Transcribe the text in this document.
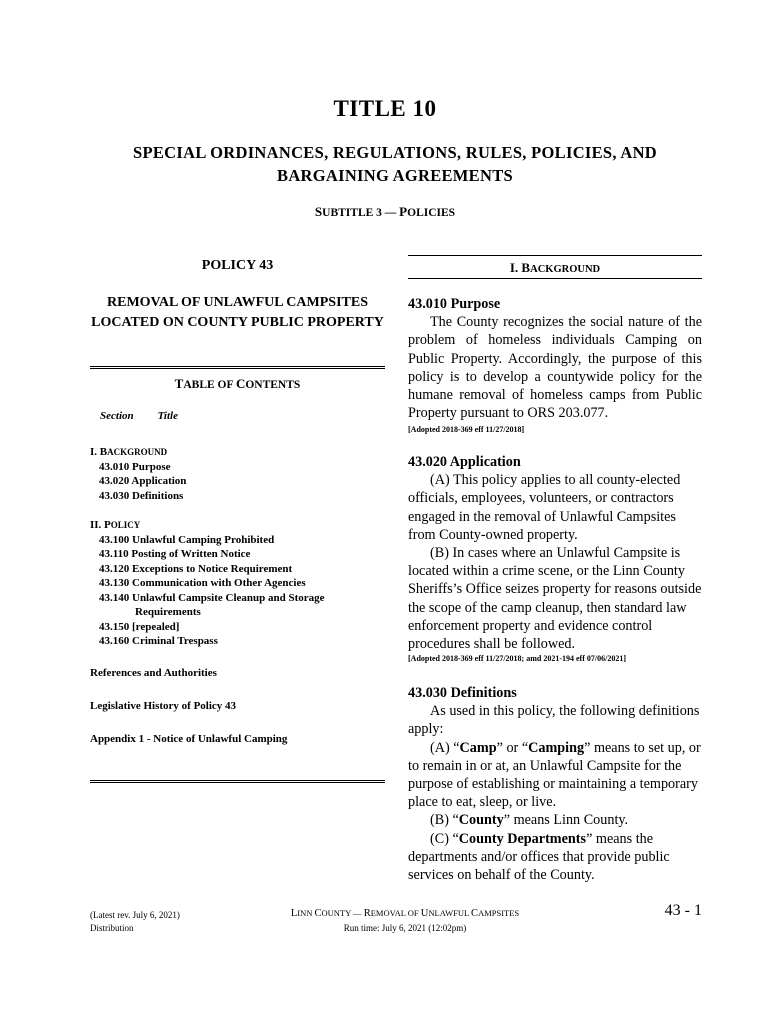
TITLE 10
SPECIAL ORDINANCES, REGULATIONS, RULES, POLICIES, AND BARGAINING AGREEMENTS
SUBTITLE 3 — POLICIES
POLICY 43
REMOVAL OF UNLAWFUL CAMPSITES LOCATED ON COUNTY PUBLIC PROPERTY
TABLE OF CONTENTS
Section Title
I. BACKGROUND
43.010 Purpose
43.020 Application
43.030 Definitions
II. POLICY
43.100 Unlawful Camping Prohibited
43.110 Posting of Written Notice
43.120 Exceptions to Notice Requirement
43.130 Communication with Other Agencies
43.140 Unlawful Campsite Cleanup and Storage
Requirements
43.150 [repealed]
43.160 Criminal Trespass
References and Authorities
Legislative History of Policy 43
Appendix 1 - Notice of Unlawful Camping
I. BACKGROUND
43.010 Purpose
The County recognizes the social nature of the problem of homeless individuals Camping on Public Property. Accordingly, the purpose of this policy is to develop a countywide policy for the humane removal of homeless camps from Public Property pursuant to ORS 203.077.
[Adopted 2018-369 eff 11/27/2018]
43.020 Application
(A) This policy applies to all county-elected officials, employees, volunteers, or contractors engaged in the removal of Unlawful Campsites from County-owned property.
(B) In cases where an Unlawful Campsite is located within a crime scene, or the Linn County Sheriffs’s Office seizes property for reasons outside the scope of the camp cleanup, then standard law enforcement property and evidence control procedures shall be followed.
[Adopted 2018-369 eff 11/27/2018; amd 2021-194 eff 07/06/2021]
43.030 Definitions
As used in this policy, the following definitions apply:
(A) “Camp” or “Camping” means to set up, or to remain in or at, an Unlawful Campsite for the purpose of establishing or maintaining a temporary place to eat, sleep, or live.
(B) “County” means Linn County.
(C) “County Departments” means the departments and/or offices that provide public services on behalf of the County.
(Latest rev. July 6, 2021)
Distribution
LINN COUNTY — REMOVAL OF UNLAWFUL CAMPSITES
Run time: July 6, 2021 (12:02pm)
43 - 1
